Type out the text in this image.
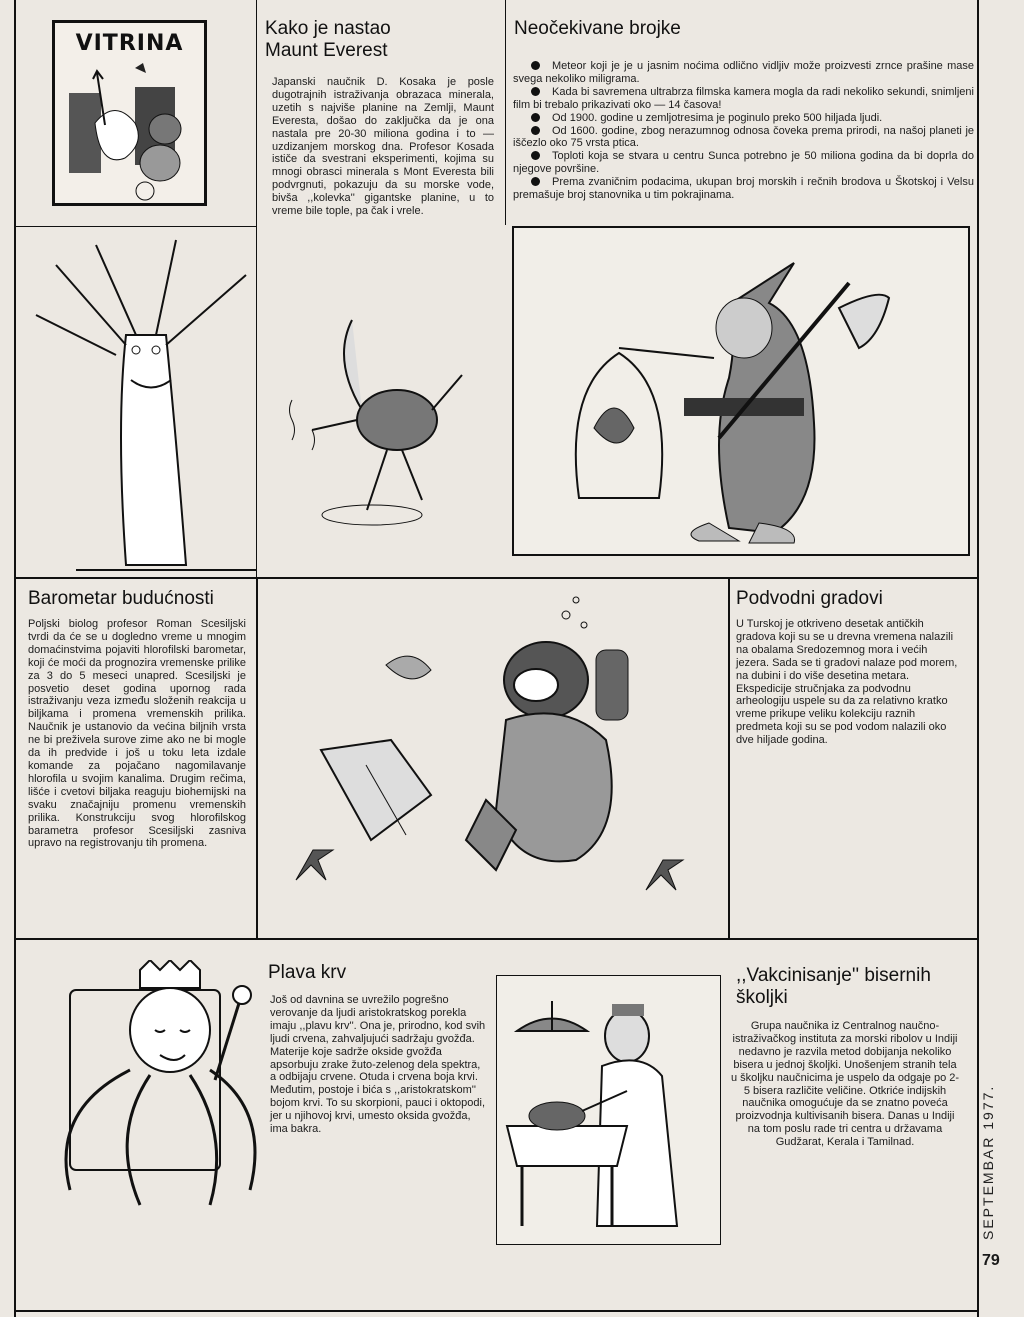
VITRINA
Kako je nastao
Maunt Everest
Japanski naučnik D. Kosaka je posle dugotrajnih istraživanja obrazaca minerala, uzetih s najviše planine na Zemlji, Maunt Everesta, došao do zaključka da je ona nastala pre 20-30 miliona godina i to — uzdizanjem morskog dna. Profesor Kosada ističe da svestrani eksperimenti, kojima su mnogi obrasci minerala s Mont Everesta bili podvrgnuti, pokazuju da su morske vode, bivša ,,kolevka'' gigantske planine, u to vreme bile tople, pa čak i vrele.
Neočekivane brojke
Meteor koji je je u jasnim noćima odlično vidljiv može proizvesti zrnce prašine mase svega nekoliko miligrama.
Kada bi savremena ultrabrza filmska kamera mogla da radi nekoliko sekundi, snimljeni film bi trebalo prikazivati oko — 14 časova!
Od 1900. godine u zemljotresima je poginulo preko 500 hiljada ljudi.
Od 1600. godine, zbog nerazumnog odnosa čoveka prema prirodi, na našoj planeti je iščezlo oko 75 vrsta ptica.
Toploti koja se stvara u centru Sunca potrebno je 50 miliona godina da bi doprla do njegove površine.
Prema zvaničnim podacima, ukupan broj morskih i rečnih brodova u Škotskoj i Velsu premašuje broj stanovnika u tim pokrajinama.
Barometar budućnosti
Poljski biolog profesor Roman Scesiljski tvrdi da će se u dogledno vreme u mnogim domaćinstvima pojaviti hlorofilski barometar, koji će moći da prognozira vremenske prilike za 3 do 5 meseci unapred. Scesiljski je posvetio deset godina upornog rada istraživanju veza između složenih reakcija u biljkama i promena vremenskih prilika. Naučnik je ustanovio da većina biljnih vrsta ne bi preživela surove zime ako ne bi mogle da ih predvide i još u toku leta izdale komande za pojačano nagomilavanje hlorofila u svojim kanalima. Drugim rečima, lišće i cvetovi biljaka reaguju biohemijski na svaku značajniju promenu vremenskih prilika. Konstrukciju svog hlorofilskog barametra profesor Scesiljski zasniva upravo na registrovanju tih promena.
Podvodni gradovi
U Turskoj je otkriveno desetak antičkih gradova koji su se u drevna vremena nalazili na obalama Sredozemnog mora i većih jezera. Sada se ti gradovi nalaze pod morem, na dubini i do više desetina metara. Ekspedicije stručnjaka za podvodnu arheologiju uspele su da za relativno kratko vreme prikupe veliku kolekciju raznih predmeta koji su se pod vodom nalazili oko dve hiljade godina.
Plava krv
Još od davnina se uvrežilo pogrešno verovanje da ljudi aristokratskog porekla imaju ,,plavu krv''. Ona je, prirodno, kod svih ljudi crvena, zahvaljujući sadržaju gvožđa. Materije koje sadrže okside gvožđa apsorbuju zrake žuto-zelenog dela spektra, a odbijaju crvene. Otuda i crvena boja krvi. Međutim, postoje i bića s ,,aristokratskom'' bojom krvi. To su skorpioni, pauci i oktopodi, jer u njihovoj krvi, umesto oksida gvožđa, ima bakra.
,,Vakcinisanje'' bisernih
školjki
Grupa naučnika iz Centralnog naučno-istraživačkog instituta za morski ribolov u Indiji nedavno je razvila metod dobijanja nekoliko bisera u jednoj školjki. Unošenjem stranih tela u školjku naučnicima je uspelo da odgaje po 2-5 bisera različite veličine. Otkriće indijskih naučnika omogućuje da se znatno poveća proizvodnja kultivisanih bisera. Danas u Indiji na tom poslu rade tri centra u državama Gudžarat, Kerala i Tamilnad.	SEPTEMBAR 1977.
79
